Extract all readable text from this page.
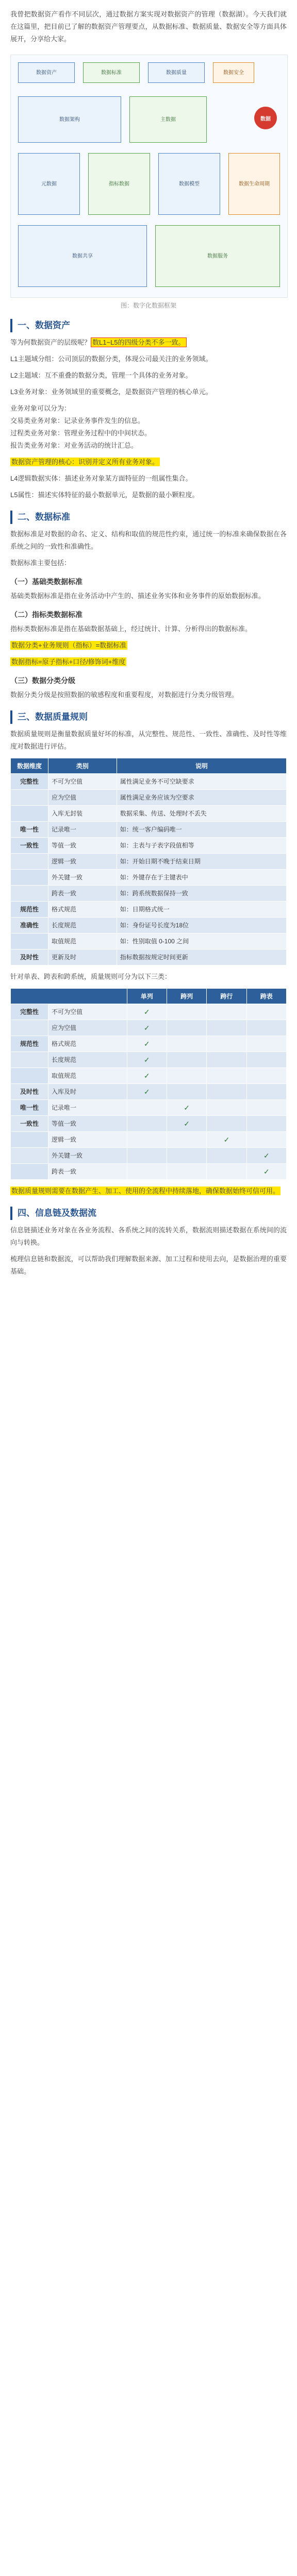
我曾把数据资产看作不同层次，通过数据方案实现对数据资产的管理（数据湖）。今天我们就在这篇里，把目前已了解的数据资产管理要点，从数据标准、数据质量、数据安全等方面具体展开，分享给大家。

数据资产	数据标准	数据质量	数据安全
数据
数据架构	主数据
元数据	指标数据	数据模型	数据生命周期
数据共享	数据服务
图：数字化数据框架
一、数据资产

等为何数据资产的层级呢？ 数L1~L5的四级分类不多一致。

L1主题域分组：公司顶层的数据分类，体现公司最关注的业务领域。

L2主题域：互不重叠的数据分类，管理一个具体的业务对象。

L3业务对象：业务领域里的重要概念，是数据资产管理的核心单元。

业务对象可以分为：

交易类业务对象：记录业务事件发生的信息。

过程类业务对象：管理业务过程中的中间状态。

报告类业务对象：对业务活动的统计汇总。

数据资产管理的核心：识别并定义所有业务对象。

L4逻辑数据实体：描述业务对象某方面特征的一组属性集合。

L5属性：描述实体特征的最小数据单元，是数据的最小颗粒度。

二、数据标准

数据标准是对数据的命名、定义、结构和取值的规范性约束，通过统一的标准来确保数据在各系统之间的一致性和准确性。

数据标准主要包括：

（一）基础类数据标准

基础类数据标准是指在业务活动中产生的、描述业务实体和业务事件的原始数据标准。

（二）指标类数据标准

指标类数据标准是指在基础数据基础上，经过统计、计算、分析得出的数据标准。

数据分类+业务规则（指标）=数据标准

数据指标=原子指标+口径/修饰词+维度

（三）数据分类分级

数据分类分级是按照数据的敏感程度和重要程度，对数据进行分类分级管理。

三、数据质量规则

数据质量规则是衡量数据质量好坏的标准，从完整性、规范性、一致性、准确性、及时性等维度对数据进行评估。

数据维度	类别	说明
完整性	不可为空值	属性满足业务不可空缺要求
	应为空值	属性满足业务应该为空要求
	入库无封装	数据采集、传送、处理时不丢失
唯一性	记录唯一	如：统一客户编码唯一
一致性	等值一致	如：主表与子表字段值相等
	逻辑一致	如：开始日期不晚于结束日期
	外关键一致	如：外键存在于主键表中
	跨表一致	如：跨系统数据保持一致
规范性	格式规范	如：日期格式统一
准确性	长度规范	如：身份证号长度为18位
	取值规范	如：性别取值 0-100 之间
及时性	更新及时	指标数据按规定时间更新

针对单表、跨表和跨系统，质量规则可分为以下三类：

		单列	跨列	跨行	跨表
完整性	不可为空值	✓			
	应为空值	✓			
规范性	格式规范	✓			
	长度规范	✓			
	取值规范	✓			
及时性	入库及时	✓			
唯一性	记录唯一		✓		
一致性	等值一致		✓		
	逻辑一致			✓	
	外关键一致				✓
	跨表一致				✓

数据质量规则需要在数据产生、加工、使用的全流程中持续落地，确保数据始终可信可用。

四、信息链及数据流

信息链描述业务对象在各业务流程、各系统之间的流转关系，数据流则描述数据在系统间的流向与转换。

梳理信息链和数据流，可以帮助我们理解数据来源、加工过程和使用去向，是数据治理的重要基础。
